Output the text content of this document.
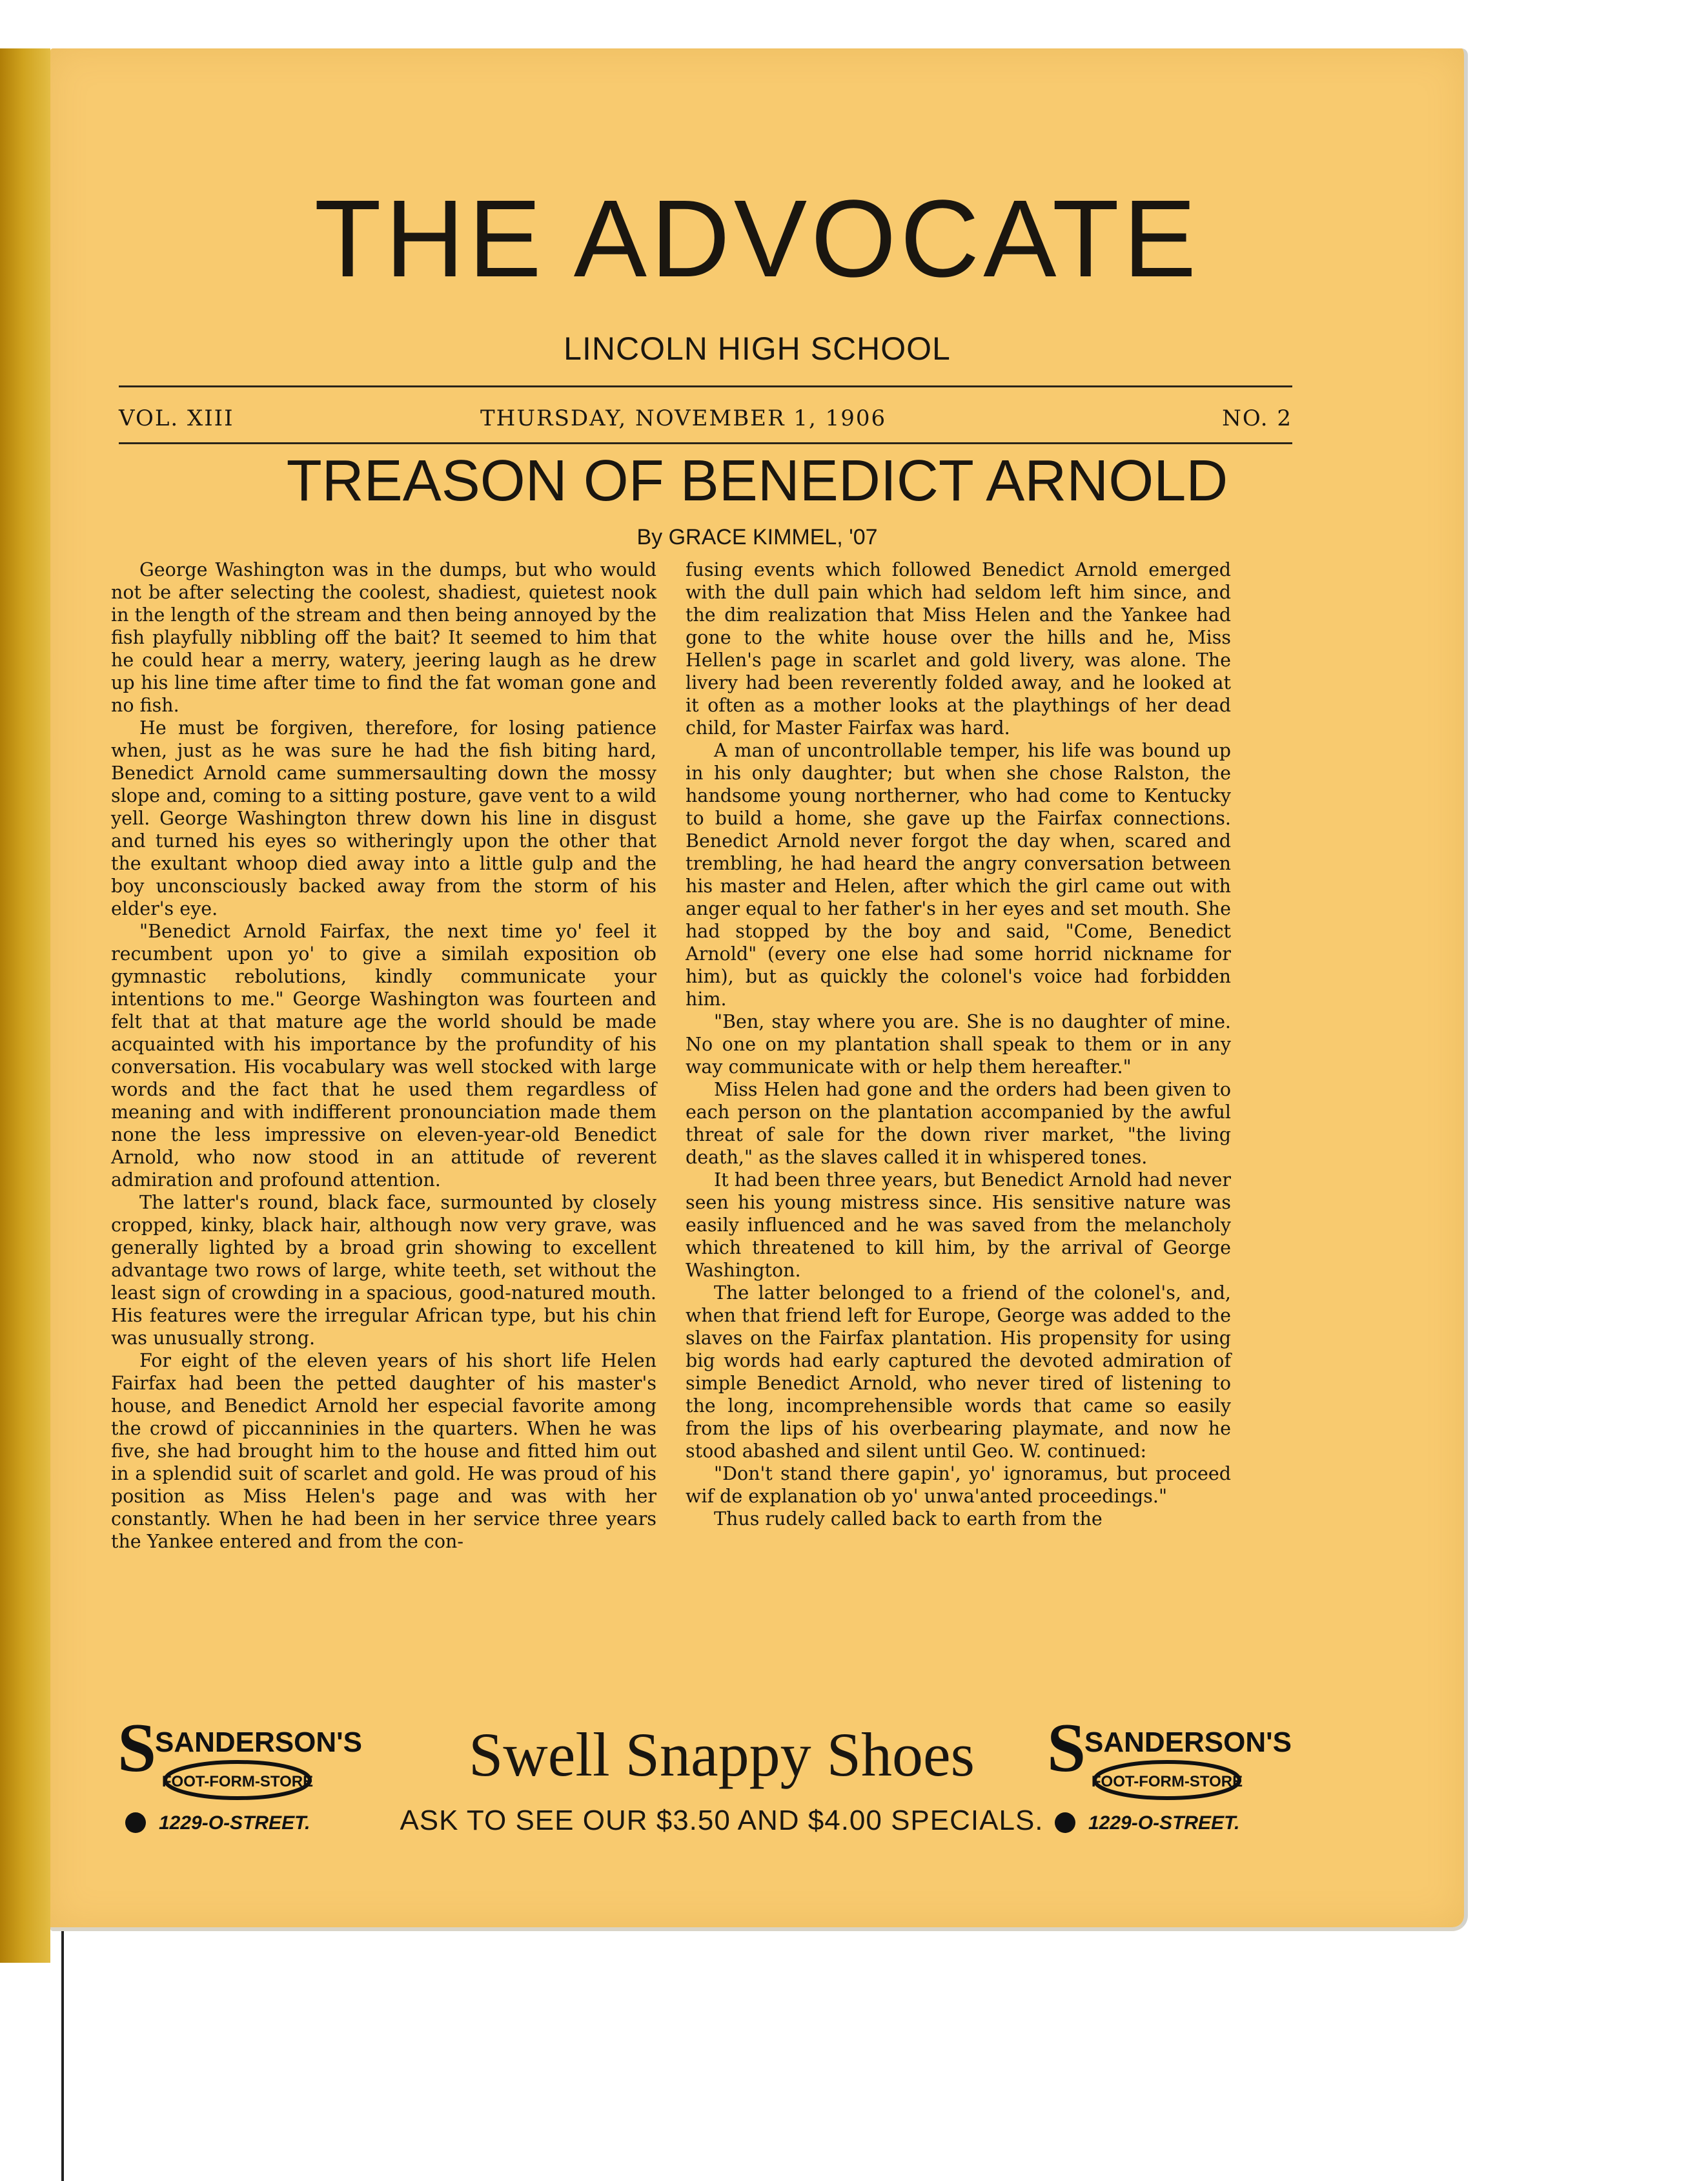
THE ADVOCATE
LINCOLN HIGH SCHOOL
VOL. XIII	THURSDAY, NOVEMBER 1, 1906	NO. 2
TREASON OF BENEDICT ARNOLD
By GRACE KIMMEL, '07

George Washington was in the dumps, but who would not be after selecting the coolest, shadiest, quietest nook in the length of the stream and then being annoyed by the fish playfully nibbling off the bait? It seemed to him that he could hear a merry, watery, jeering laugh as he drew up his line time after time to find the fat woman gone and no fish.

He must be forgiven, therefore, for losing patience when, just as he was sure he had the fish biting hard, Benedict Arnold came summersaulting down the mossy slope and, coming to a sitting posture, gave vent to a wild yell. George Washington threw down his line in disgust and turned his eyes so witheringly upon the other that the exultant whoop died away into a little gulp and the boy unconsciously backed away from the storm of his elder's eye.

"Benedict Arnold Fairfax, the next time yo' feel it recumbent upon yo' to give a similah exposition ob gymnastic rebolutions, kindly communicate your intentions to me." George Washington was fourteen and felt that at that mature age the world should be made acquainted with his importance by the profundity of his conversation. His vocabulary was well stocked with large words and the fact that he used them regardless of meaning and with indifferent pronounciation made them none the less impressive on eleven-year-old Benedict Arnold, who now stood in an attitude of reverent admiration and profound attention.

The latter's round, black face, surmounted by closely cropped, kinky, black hair, although now very grave, was generally lighted by a broad grin showing to excellent advantage two rows of large, white teeth, set without the least sign of crowding in a spacious, good-natured mouth. His features were the irregular African type, but his chin was unusually strong.

For eight of the eleven years of his short life Helen Fairfax had been the petted daughter of his master's house, and Benedict Arnold her especial favorite among the crowd of piccanninies in the quarters. When he was five, she had brought him to the house and fitted him out in a splendid suit of scarlet and gold. He was proud of his position as Miss Helen's page and was with her constantly. When he had been in her service three years the Yankee entered and from the con-

fusing events which followed Benedict Arnold emerged with the dull pain which had seldom left him since, and the dim realization that Miss Helen and the Yankee had gone to the white house over the hills and he, Miss Hellen's page in scarlet and gold livery, was alone. The livery had been reverently folded away, and he looked at it often as a mother looks at the playthings of her dead child, for Master Fairfax was hard.

A man of uncontrollable temper, his life was bound up in his only daughter; but when she chose Ralston, the handsome young northerner, who had come to Kentucky to build a home, she gave up the Fairfax connections. Benedict Arnold never forgot the day when, scared and trembling, he had heard the angry conversation between his master and Helen, after which the girl came out with anger equal to her father's in her eyes and set mouth. She had stopped by the boy and said, "Come, Benedict Arnold" (every one else had some horrid nickname for him), but as quickly the colonel's voice had forbidden him.

"Ben, stay where you are. She is no daughter of mine. No one on my plantation shall speak to them or in any way communicate with or help them hereafter."

Miss Helen had gone and the orders had been given to each person on the plantation accompanied by the awful threat of sale for the down river market, "the living death," as the slaves called it in whispered tones.

It had been three years, but Benedict Arnold had never seen his young mistress since. His sensitive nature was easily influenced and he was saved from the melancholy which threatened to kill him, by the arrival of George Washington.

The latter belonged to a friend of the colonel's, and, when that friend left for Europe, George was added to the slaves on the Fairfax plantation. His propensity for using big words had early captured the devoted admiration of simple Benedict Arnold, who never tired of listening to the long, incomprehensible words that came so easily from the lips of his overbearing playmate, and now he stood abashed and silent until Geo. W. continued:

"Don't stand there gapin', yo' ignoramus, but proceed wif de explanation ob yo' unwa'anted proceedings."

Thus rudely called back to earth from the

S
SANDERSON'S
FOOT-FORM-STORE
1229-O-STREET.
Swell Snappy Shoes
ASK TO SEE OUR $3.50 AND $4.00 SPECIALS.
S
SANDERSON'S
FOOT-FORM-STORE
1229-O-STREET.
